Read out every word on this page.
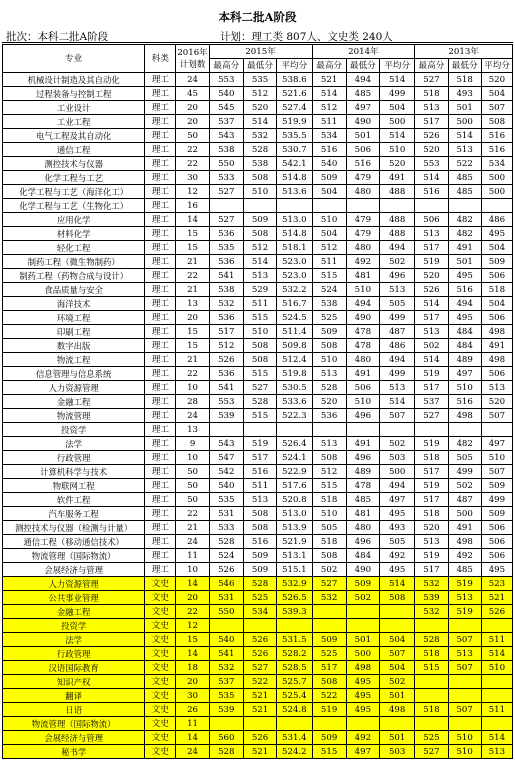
本科二批A阶段
批次：本科二批A阶段	计划：理工类 807人、文史类 240人
专业	科类	2016年
计划数	2015年			2014年			2013年		
			最高分	最低分	平均分	最高分	最低分	平均分	最高分	最低分	平均分
机械设计制造及其自动化	理工	24	553	535	538.6	521	494	514	527	518	520
过程装备与控制工程	理工	45	540	512	521.6	514	485	499	518	493	504
工业设计	理工	20	545	520	527.4	512	497	504	513	501	507
工业工程	理工	20	537	514	519.9	511	490	500	517	500	508
电气工程及其自动化	理工	50	543	532	535.5	534	501	514	526	514	516
通信工程	理工	22	538	528	530.7	516	506	510	520	513	516
测控技术与仪器	理工	22	550	538	542.1	540	516	520	553	522	534
化学工程与工艺	理工	30	533	508	514.8	509	479	491	514	485	500
化学工程与工艺（海洋化工）	理工	12	527	510	513.6	504	480	488	516	485	500
化学工程与工艺（生物化工）	理工	16									
应用化学	理工	14	527	509	513.0	510	479	488	506	482	486
材料化学	理工	15	536	508	514.8	504	479	488	513	482	495
轻化工程	理工	15	535	512	518.1	512	480	494	517	491	504
制药工程（微生物制药）	理工	21	536	514	523.0	511	492	502	519	501	509
制药工程（药物合成与设计）	理工	22	541	513	523.0	515	481	496	520	495	506
食品质量与安全	理工	21	538	529	532.2	524	510	513	526	516	518
海洋技术	理工	13	532	511	516.7	538	494	505	514	494	504
环境工程	理工	20	536	515	524.5	525	490	499	517	495	506
印刷工程	理工	15	517	510	511.4	509	478	487	513	484	498
数字出版	理工	15	512	508	509.8	508	478	486	502	484	491
物流工程	理工	21	526	508	512.4	510	480	494	514	489	498
信息管理与信息系统	理工	22	536	515	519.8	513	491	499	519	497	506
人力资源管理	理工	10	541	527	530.5	528	506	513	517	510	513
金融工程	理工	28	553	528	533.6	520	510	514	537	516	520
物流管理	理工	24	539	515	522.3	536	496	507	527	498	507
投资学	理工	13									
法学	理工	9	543	519	526.4	513	491	502	519	482	497
行政管理	理工	10	547	517	524.1	508	496	503	518	505	510
计算机科学与技术	理工	50	542	516	522.9	512	489	500	517	499	507
物联网工程	理工	50	540	511	517.6	515	478	494	519	502	509
软件工程	理工	50	535	513	520.8	518	485	497	517	487	499
汽车服务工程	理工	22	531	508	513.0	510	481	495	518	500	509
测控技术与仪器（检测与计量）	理工	21	533	508	513.9	505	480	493	520	491	506
通信工程（移动通信技术）	理工	24	528	516	521.9	518	496	505	513	498	506
物流管理（国际物流）	理工	11	524	509	513.1	508	484	492	519	492	506
会展经济与管理	理工	10	526	509	515.1	502	490	495	517	485	495
人力资源管理	文史	14	546	528	532.9	527	509	514	532	519	523
公共事业管理	文史	20	531	525	526.5	532	502	508	539	513	521
金融工程	文史	22	550	534	539.3				532	519	526
投资学	文史	12									
法学	文史	15	540	526	531.5	509	501	504	528	507	511
行政管理	文史	14	541	526	528.2	525	500	507	518	513	514
汉语国际教育	文史	18	532	527	528.5	517	498	504	515	507	510
知识产权	文史	20	537	522	525.7	508	495	502			
翻译	文史	30	535	521	525.4	522	495	501			
日语	文史	26	539	521	524.8	519	495	498	518	507	511
物流管理（国际物流）	文史	11									
会展经济与管理	文史	14	560	526	531.4	509	492	501	525	510	514
秘书学	文史	24	528	521	524.2	515	497	503	527	510	513
